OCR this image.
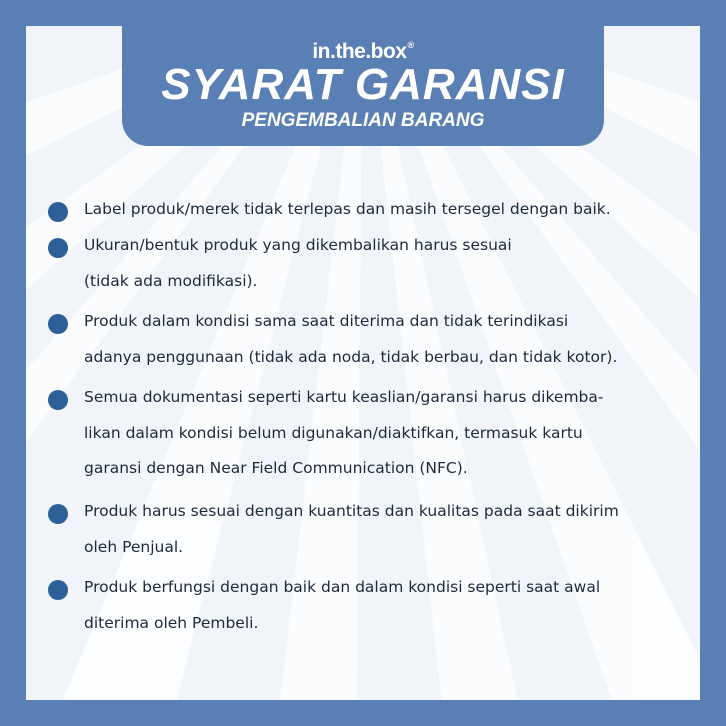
in.the.box®
SYARAT GARANSI
PENGEMBALIAN BARANG
Label produk/merek tidak terlepas dan masih tersegel dengan baik.
Ukuran/bentuk produk yang dikembalikan harus sesuai
(tidak ada modifikasi).
Produk dalam kondisi sama saat diterima dan tidak terindikasi
adanya penggunaan (tidak ada noda, tidak berbau, dan tidak kotor).
Semua dokumentasi seperti kartu keaslian/garansi harus dikemba-
likan dalam kondisi belum digunakan/diaktifkan, termasuk kartu
garansi dengan Near Field Communication (NFC).
Produk harus sesuai dengan kuantitas dan kualitas pada saat dikirim
oleh Penjual.
Produk berfungsi dengan baik dan dalam kondisi seperti saat awal
diterima oleh Pembeli.
